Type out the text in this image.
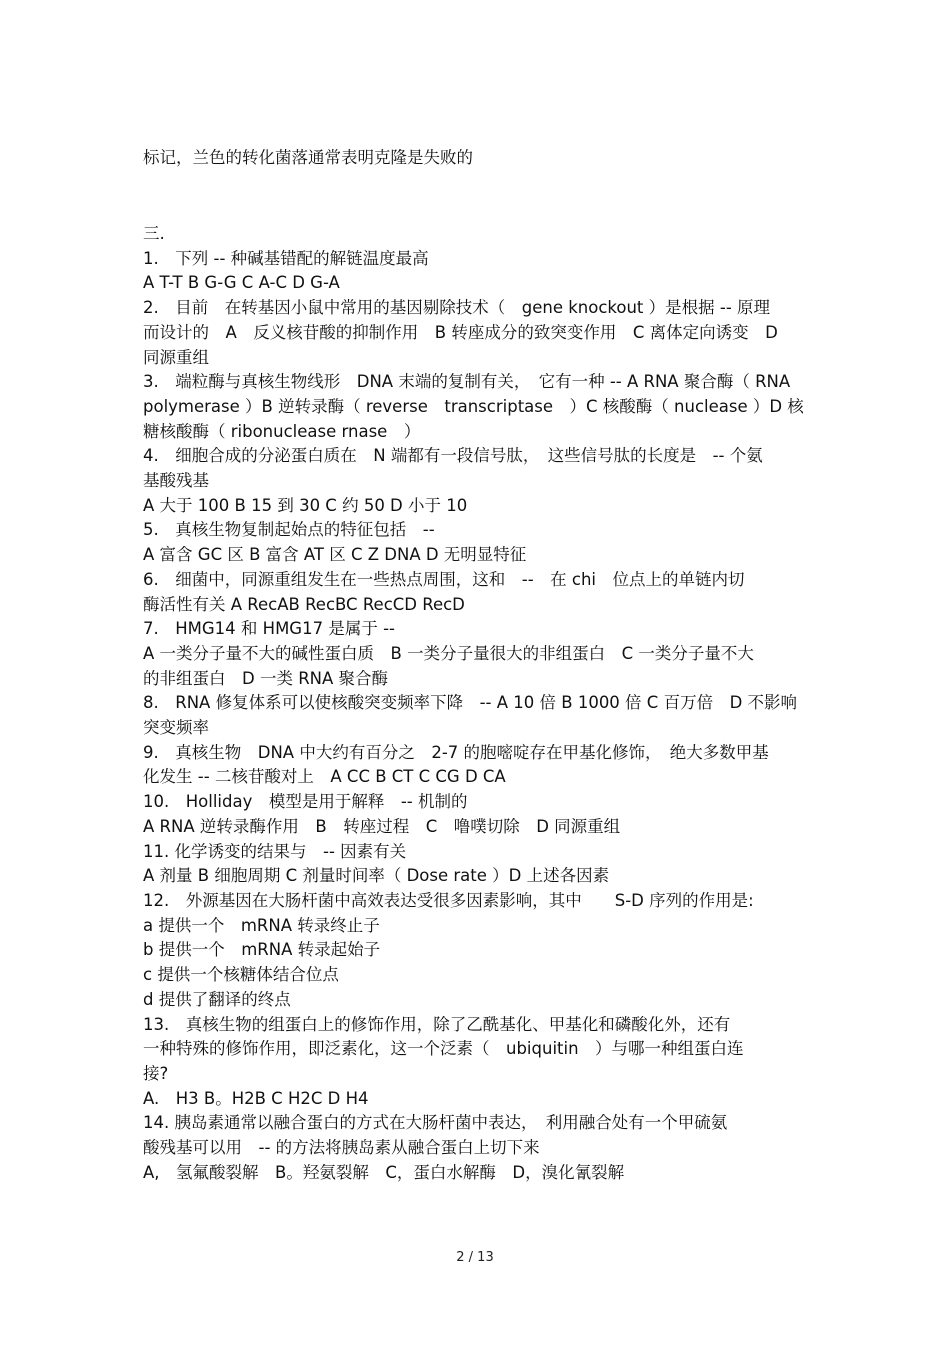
标记，兰色的转化菌落通常表明克隆是失败的
三.
1.　下列 -- 种碱基错配的解链温度最高
A T-T B G-G C A-C D G-A
2.　目前　在转基因小鼠中常用的基因剔除技术（　gene knockout ）是根据 -- 原理
而设计的　A　反义核苷酸的抑制作用　B 转座成分的致突变作用　C 离体定向诱变　D
同源重组
3.　端粒酶与真核生物线形　DNA 末端的复制有关，　它有一种 -- A RNA 聚合酶（ RNA
polymerase ）B 逆转录酶（ reverse　transcriptase　）C 核酸酶（ nuclease ）D 核
糖核酸酶（ ribonuclease rnase　）
4.　细胞合成的分泌蛋白质在　N 端都有一段信号肽，　这些信号肽的长度是　-- 个氨
基酸残基
A 大于 100 B 15 到 30 C 约 50 D 小于 10
5.　真核生物复制起始点的特征包括　--
A 富含 GC 区 B 富含 AT 区 C Z DNA D 无明显特征
6.　细菌中，同源重组发生在一些热点周围，这和　--　在 chi　位点上的单链内切
酶活性有关 A RecAB RecBC RecCD RecD
7.　HMG14 和 HMG17 是属于 --
A 一类分子量不大的碱性蛋白质　B 一类分子量很大的非组蛋白　C 一类分子量不大
的非组蛋白　D 一类 RNA 聚合酶
8.　RNA 修复体系可以使核酸突变频率下降　-- A 10 倍 B 1000 倍 C 百万倍　D 不影响
突变频率
9.　真核生物　DNA 中大约有百分之　2-7 的胞嘧啶存在甲基化修饰，　绝大多数甲基
化发生 -- 二核苷酸对上　A CC B CT C CG D CA
10.　Holliday　模型是用于解释　-- 机制的
A RNA 逆转录酶作用　B　转座过程　C　噜噗切除　D 同源重组
11. 化学诱变的结果与　-- 因素有关
A 剂量 B 细胞周期 C 剂量时间率（ Dose rate ）D 上述各因素
12.　外源基因在大肠杆菌中高效表达受很多因素影响，其中　　S-D 序列的作用是:
a 提供一个　mRNA 转录终止子
b 提供一个　mRNA 转录起始子
c 提供一个核糖体结合位点
d 提供了翻译的终点
13.　真核生物的组蛋白上的修饰作用，除了乙酰基化、甲基化和磷酸化外，还有
一种特殊的修饰作用，即泛素化，这一个泛素（　ubiquitin　）与哪一种组蛋白连
接?
A.　H3 B。H2B C H2C D H4
14. 胰岛素通常以融合蛋白的方式在大肠杆菌中表达，　利用融合处有一个甲硫氨
酸残基可以用　-- 的方法将胰岛素从融合蛋白上切下来
A,　氢氟酸裂解　B。羟氨裂解　C，蛋白水解酶　D，溴化氰裂解
2 / 13
